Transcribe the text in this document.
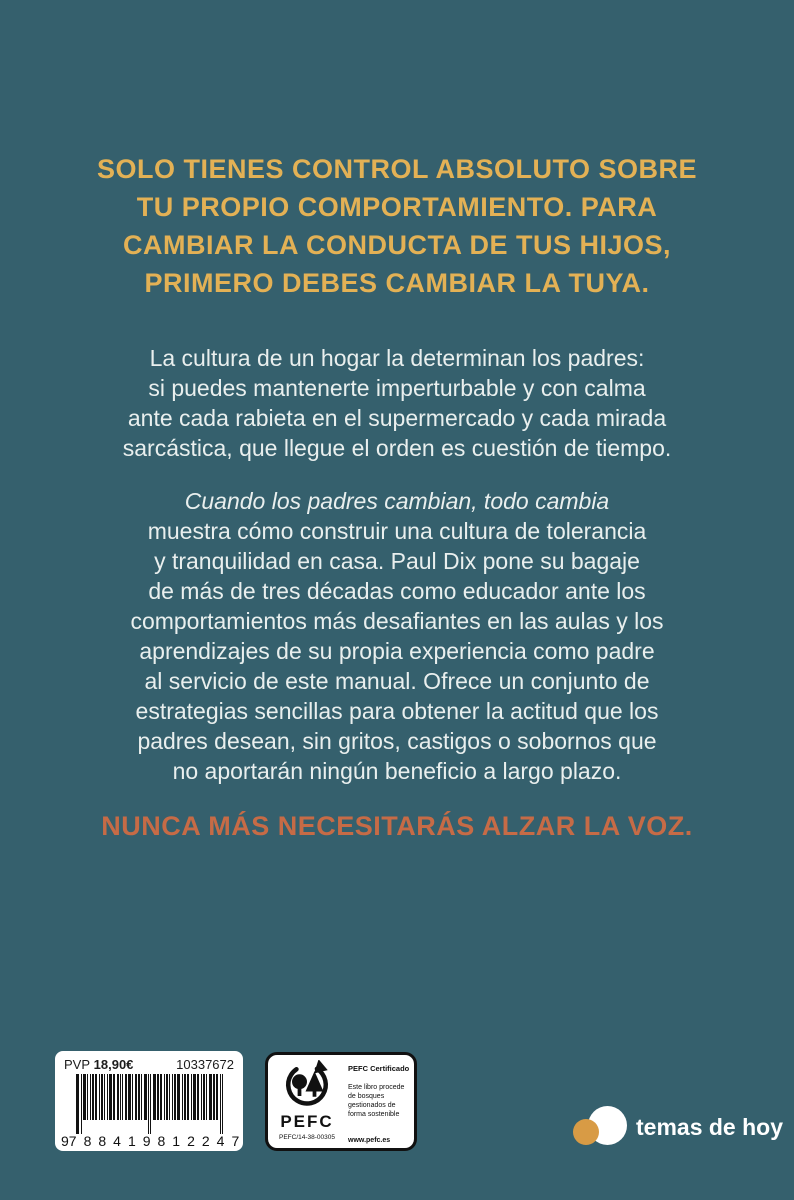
SOLO TIENES CONTROL ABSOLUTO SOBRE
TU PROPIO COMPORTAMIENTO. PARA
CAMBIAR LA CONDUCTA DE TUS HIJOS,
PRIMERO DEBES CAMBIAR LA TUYA.
La cultura de un hogar la determinan los padres:
si puedes mantenerte imperturbable y con calma
ante cada rabieta en el supermercado y cada mirada
sarcástica, que llegue el orden es cuestión de tiempo.
Cuando los padres cambian, todo cambia
muestra cómo construir una cultura de tolerancia
y tranquilidad en casa. Paul Dix pone su bagaje
de más de tres décadas como educador ante los
comportamientos más desafiantes en las aulas y los
aprendizajes de su propia experiencia como padre
al servicio de este manual. Ofrece un conjunto de
estrategias sencillas para obtener la actitud que los
padres desean, sin gritos, castigos o sobornos que
no aportarán ningún beneficio a largo plazo.
NUNCA MÁS NECESITARÁS ALZAR LA VOZ.
PVP 18,90€	10337672
9 788419 812247
PEFC
PEFC/14-38-00305
PEFC Certificado
Este libro procede de bosques gestionados de forma sostenible
www.pefc.es
temas de hoy
